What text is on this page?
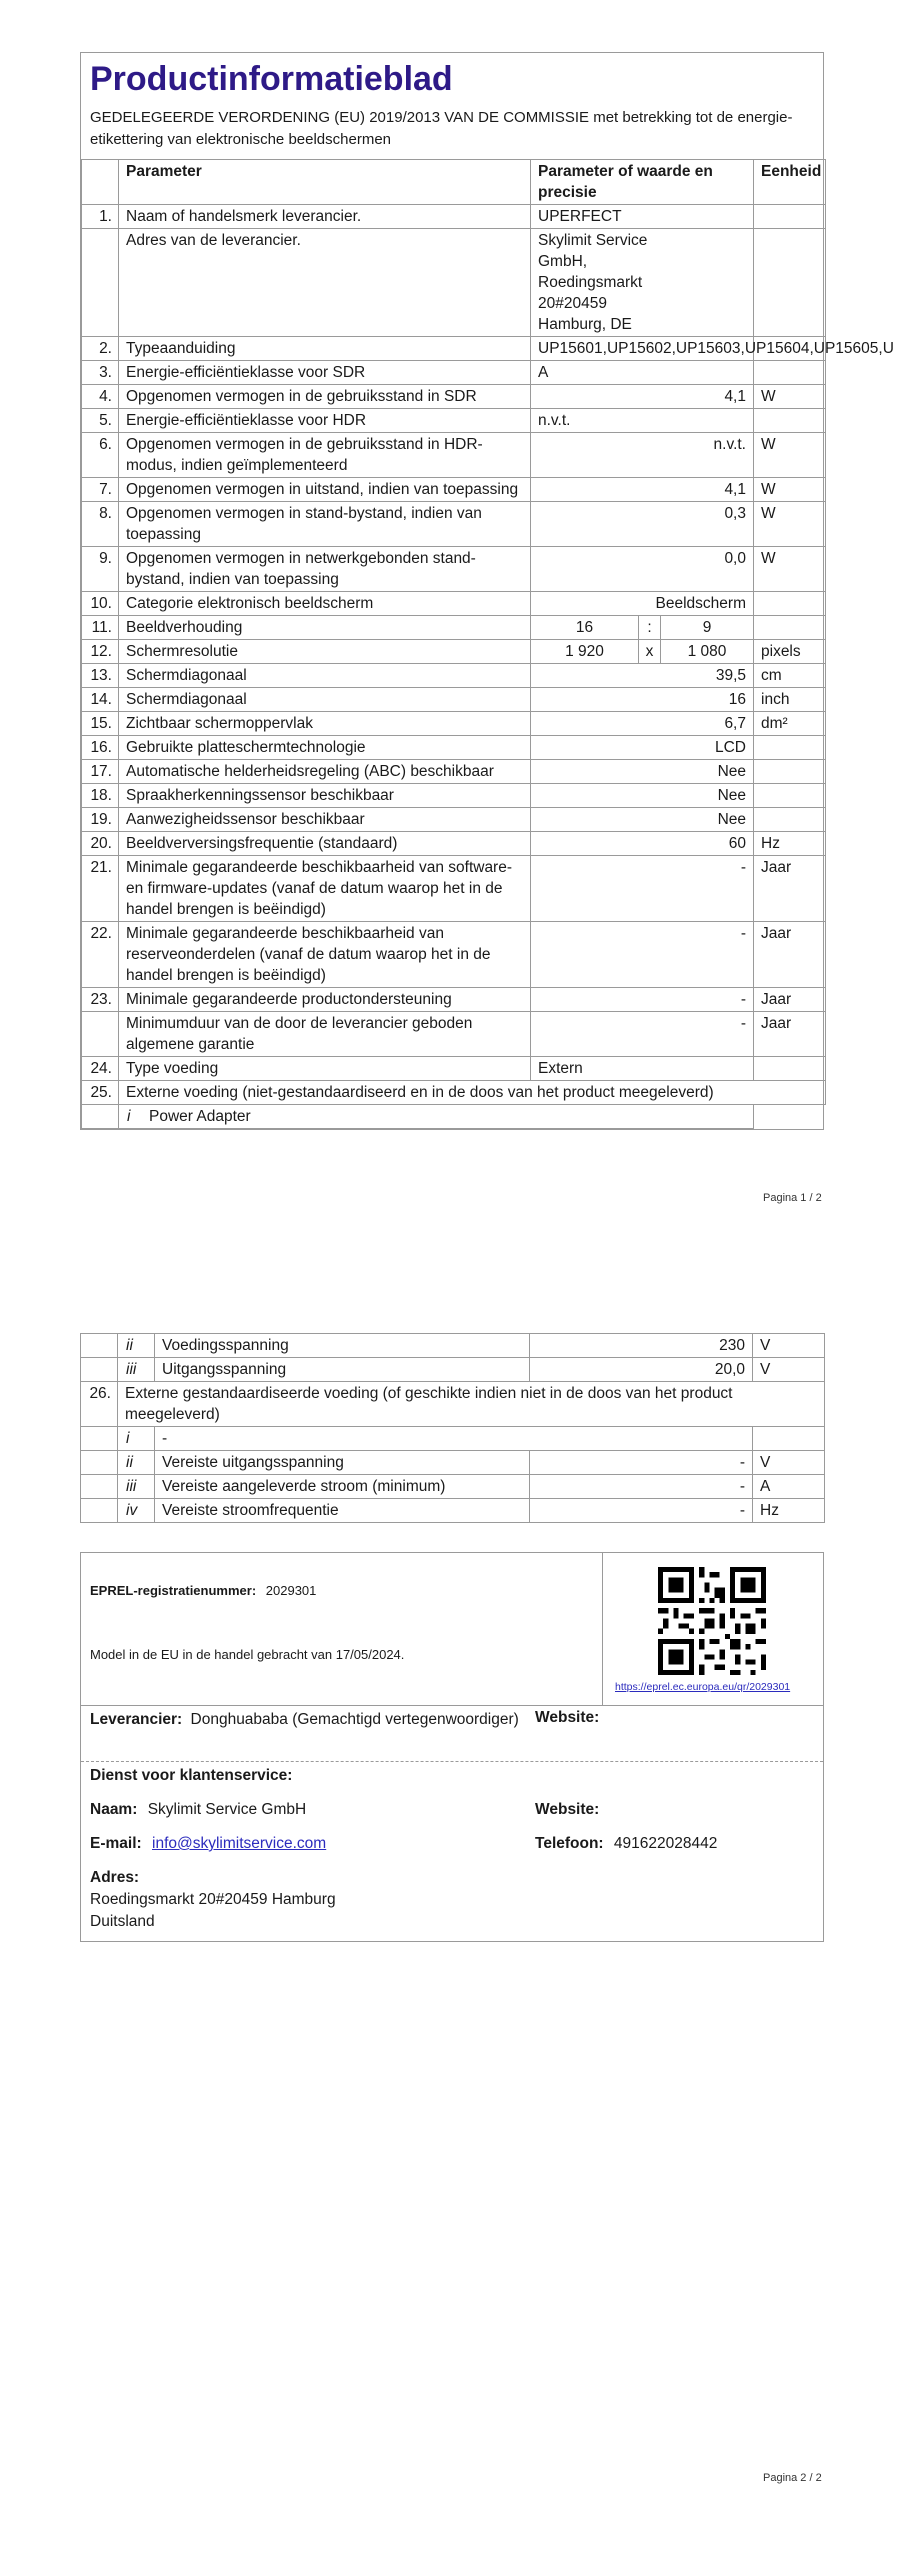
Productinformatieblad
GEDELEGEERDE VERORDENING (EU) 2019/2013 VAN DE COMMISSIE met betrekking tot de energie-etikettering van elektronische beeldschermen
	Parameter	Parameter of waarde en precisie			Eenheid
1.	Naam of handelsmerk leverancier.	UPERFECT			
	Adres van de leverancier.	Skylimit Service GmbH, Roedingsmarkt 20#20459 Hamburg, DE			
2.	Typeaanduiding	UP15601,UP15602,UP15603,UP15604,UP15605,U			
3.	Energie-efficiëntieklasse voor SDR	A			
4.	Opgenomen vermogen in de gebruiksstand in SDR	4,1			W
5.	Energie-efficiëntieklasse voor HDR	n.v.t.			
6.	Opgenomen vermogen in de gebruiksstand in HDR-modus, indien geïmplementeerd	n.v.t.			W
7.	Opgenomen vermogen in uitstand, indien van toepassing	4,1			W
8.	Opgenomen vermogen in stand-bystand, indien van toepassing	0,3			W
9.	Opgenomen vermogen in netwerkgebonden stand-bystand, indien van toepassing	0,0			W
10.	Categorie elektronisch beeldscherm	Beeldscherm			
11.	Beeldverhouding	16	:	9	
12.	Schermresolutie	1 920	x	1 080	pixels
13.	Schermdiagonaal	39,5			cm
14.	Schermdiagonaal	16			inch
15.	Zichtbaar schermoppervlak	6,7			dm²
16.	Gebruikte platteschermtechnologie	LCD			
17.	Automatische helderheidsregeling (ABC) beschikbaar	Nee			
18.	Spraakherkenningssensor beschikbaar	Nee			
19.	Aanwezigheidssensor beschikbaar	Nee			
20.	Beeldverversingsfrequentie (standaard)	60			Hz
21.	Minimale gegarandeerde beschikbaarheid van software- en firmware-updates (vanaf de datum waarop het in de handel brengen is beëindigd)	-			Jaar
22.	Minimale gegarandeerde beschikbaarheid van reserveonderdelen (vanaf de datum waarop het in de handel brengen is beëindigd)	-			Jaar
23.	Minimale gegarandeerde productondersteuning	-			Jaar
	Minimumduur van de door de leverancier geboden algemene garantie	-			Jaar
24.	Type voeding	Extern			
25.	Externe voeding (niet-gestandaardiseerd en in de doos van het product meegeleverd)				

	i Power Adapter				
Pagina 1 / 2
	ii	Voedingsspanning	230	V
	iii	Uitgangsspanning	20,0	V
26.	Externe gestandaardiseerde voeding (of geschikte indien niet in de doos van het product meegeleverd)			
	i	-		
	ii	Vereiste uitgangsspanning	-	V
	iii	Vereiste aangeleverde stroom (minimum)	-	A
	iv	Vereiste stroomfrequentie	-	Hz
EPREL-registratienummer: 2029301
Model in de EU in de handel gebracht van 17/05/2024.
https://eprel.ec.europa.eu/qr/2029301
Leverancier: Donghuababa (Gemachtigd vertegenwoordiger)	Website:
Dienst voor klantenservice:
Naam: Skylimit Service GmbH	Website:
E-mail: info@skylimitservice.com	Telefoon: 491622028442
Adres:
Roedingsmarkt 20#20459 Hamburg
Duitsland
Pagina 2 / 2
